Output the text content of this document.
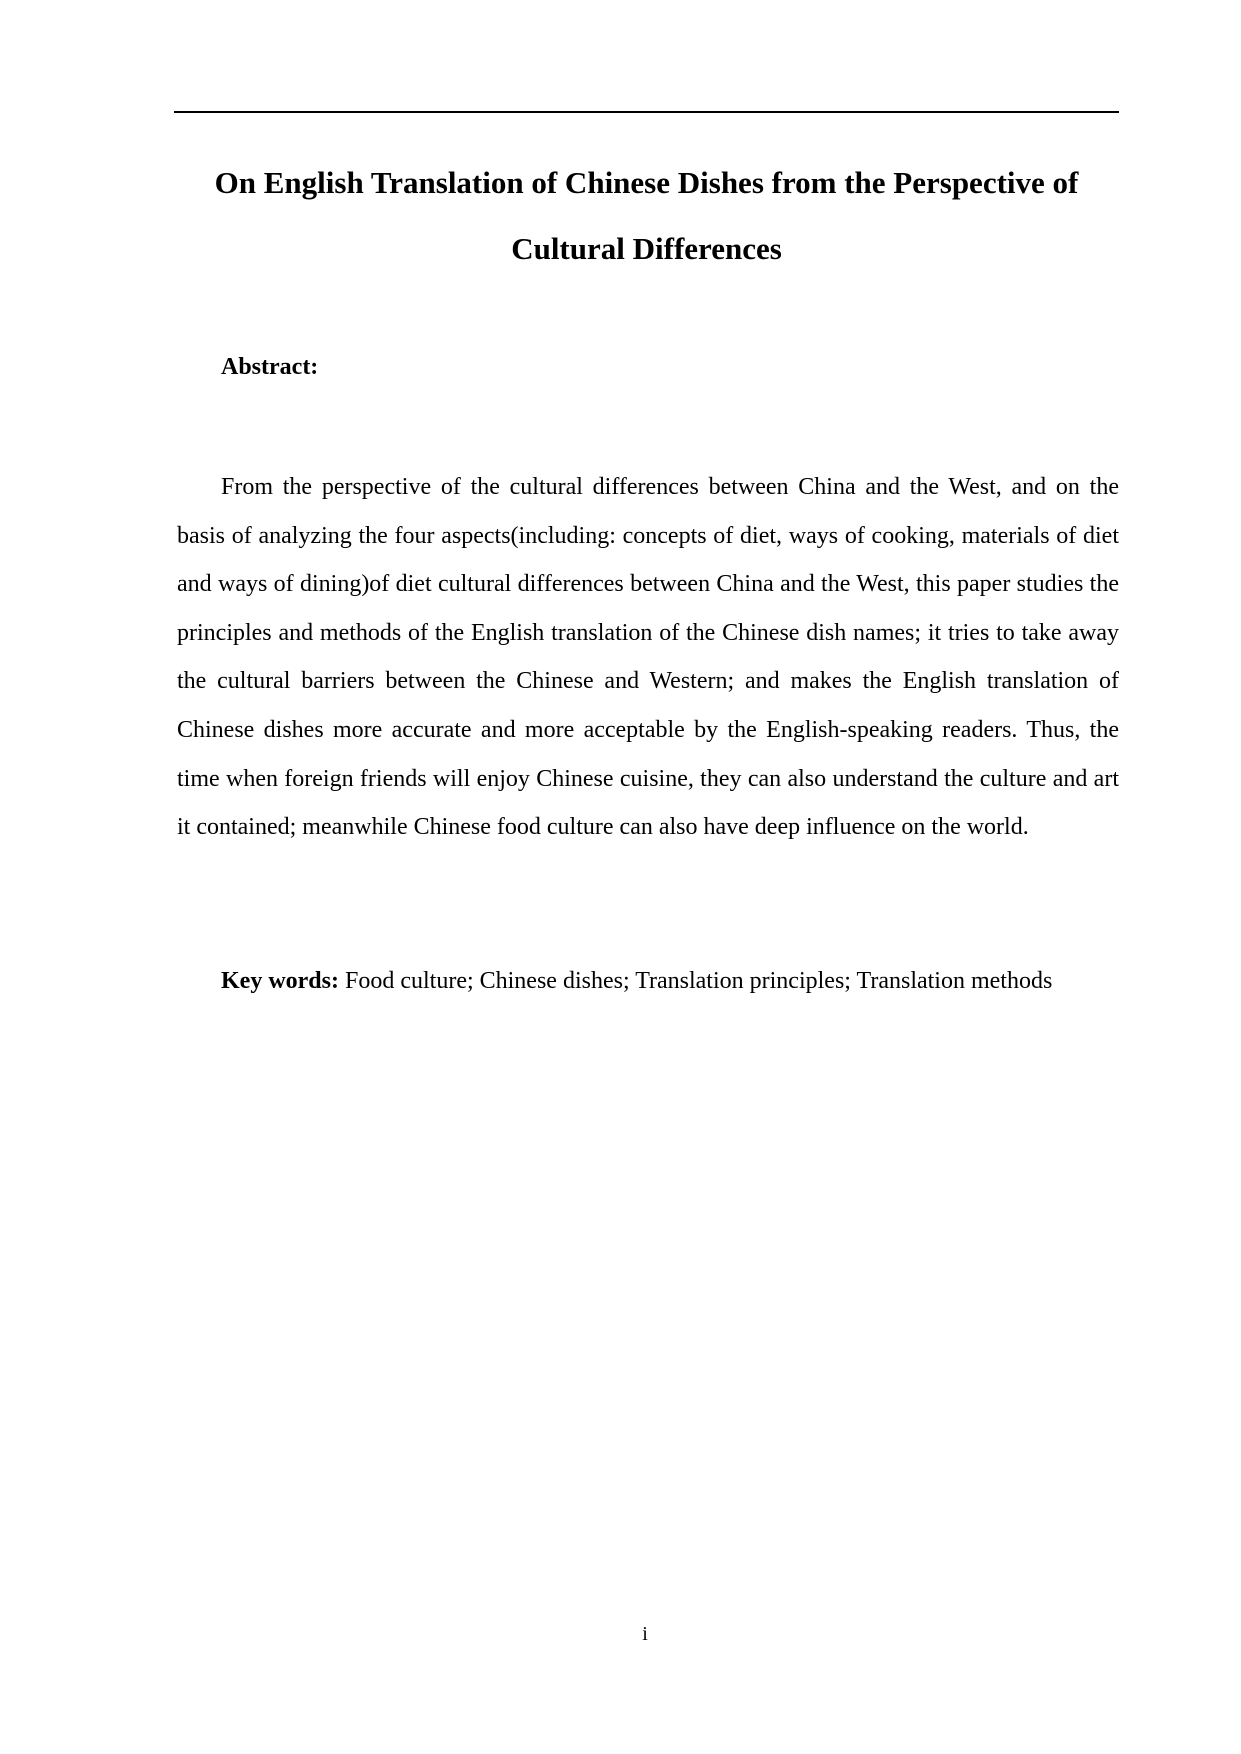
On English Translation of Chinese Dishes from the Perspective of Cultural Differences
Abstract:

From the perspective of the cultural differences between China and the West, and on the basis of analyzing the four aspects(including: concepts of diet, ways of cooking, materials of diet and ways of dining)of diet cultural differences between China and the West, this paper studies the principles and methods of the English translation of the Chinese dish names; it tries to take away the cultural barriers between the Chinese and Western; and makes the English translation of Chinese dishes more accurate and more acceptable by the English-speaking readers. Thus, the time when foreign friends will enjoy Chinese cuisine, they can also understand the culture and art it contained; meanwhile Chinese food culture can also have deep influence on the world.

Key words: Food culture; Chinese dishes; Translation principles; Translation methods

i
